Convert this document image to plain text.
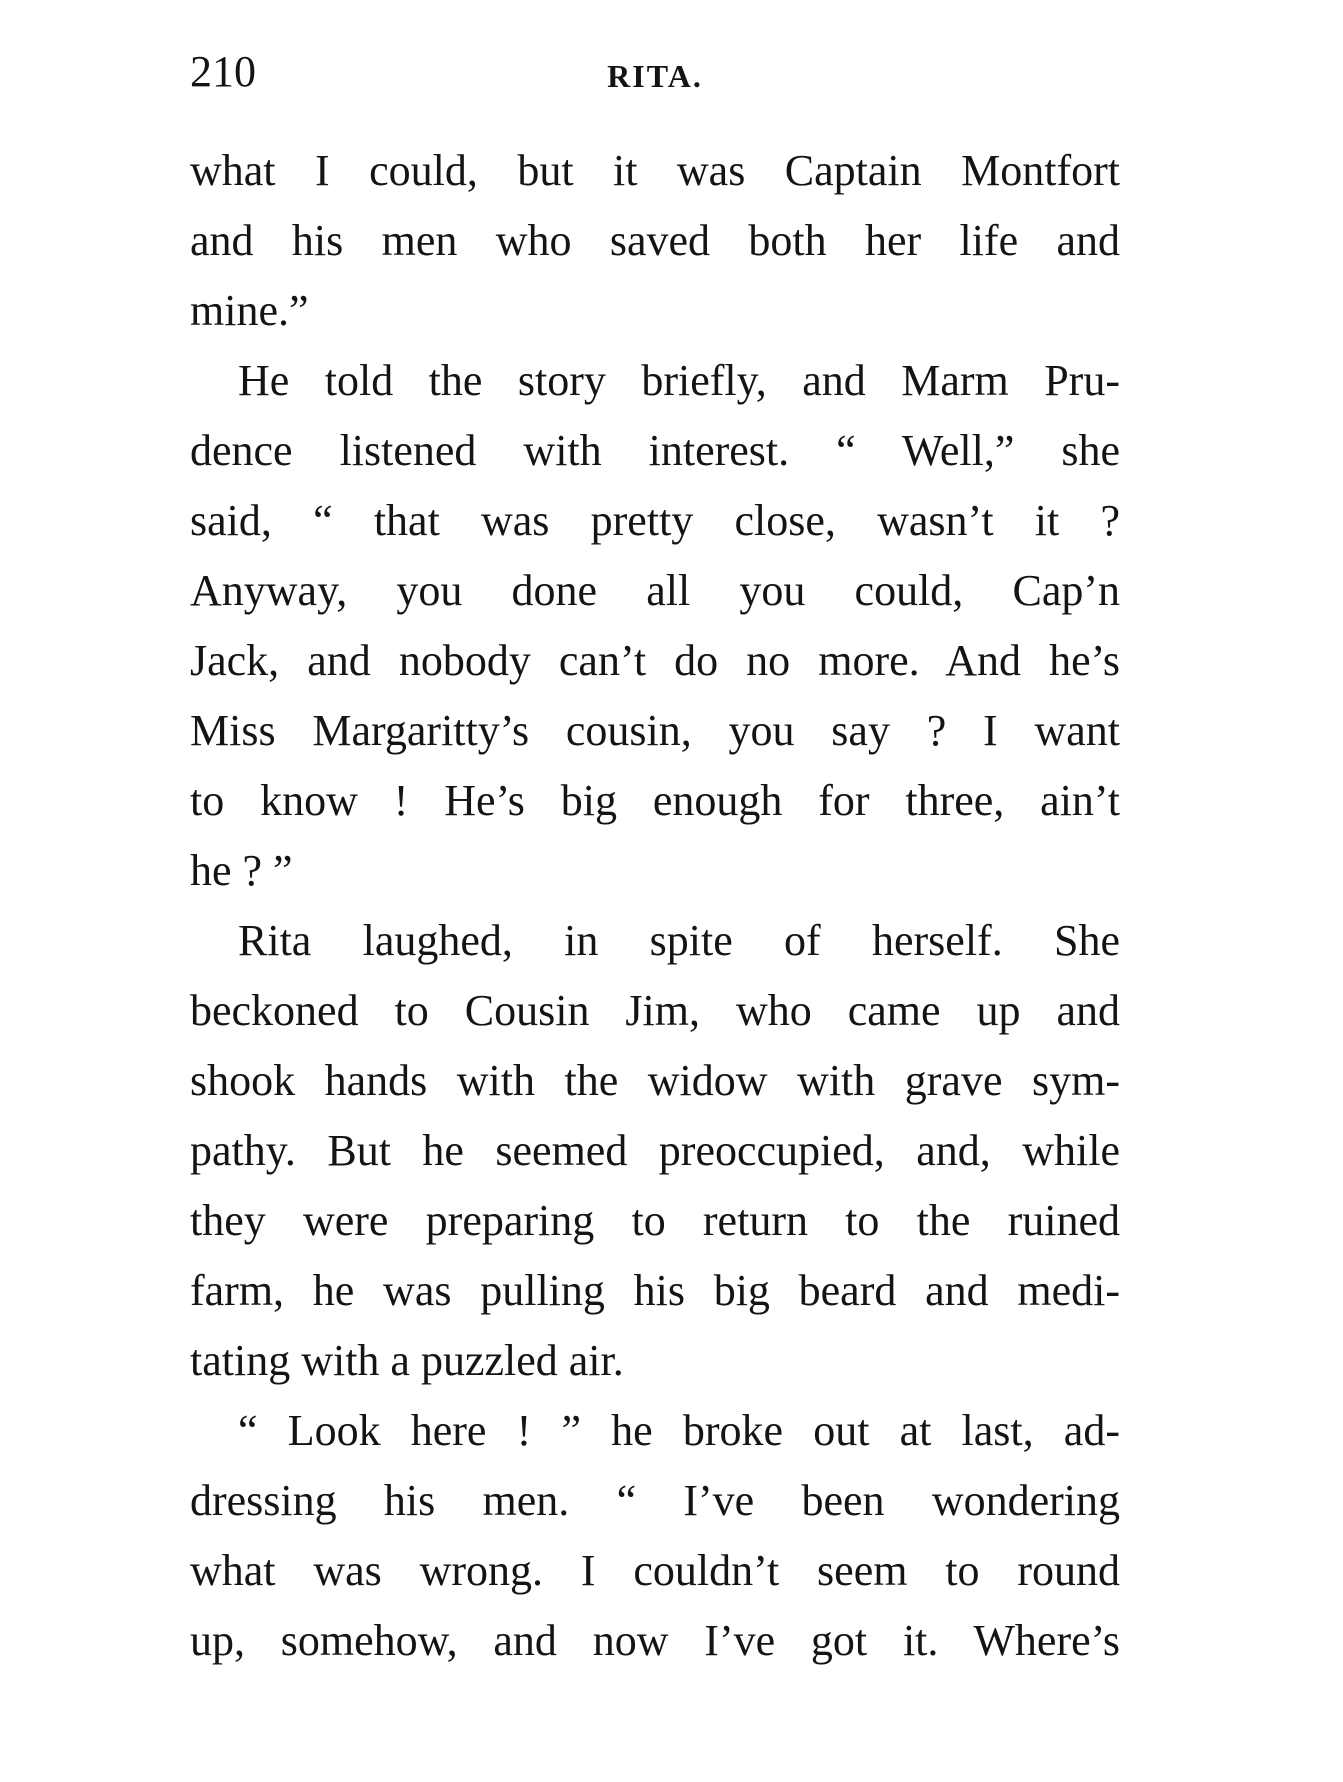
210	RITA.
what I could, but it was Captain Montfort
and his men who saved both her life and
mine.”
He told the story briefly, and Marm Pru-
dence listened with interest. “ Well,” she
said, “ that was pretty close, wasn’t it ?
Anyway, you done all you could, Cap’n
Jack, and nobody can’t do no more. And he’s
Miss Margaritty’s cousin, you say ? I want
to know ! He’s big enough for three, ain’t
he ? ”
Rita laughed, in spite of herself. She
beckoned to Cousin Jim, who came up and
shook hands with the widow with grave sym-
pathy. But he seemed preoccupied, and, while
they were preparing to return to the ruined
farm, he was pulling his big beard and medi-
tating with a puzzled air.
“ Look here ! ” he broke out at last, ad-
dressing his men. “ I’ve been wondering
what was wrong. I couldn’t seem to round
up, somehow, and now I’ve got it. Where’s
